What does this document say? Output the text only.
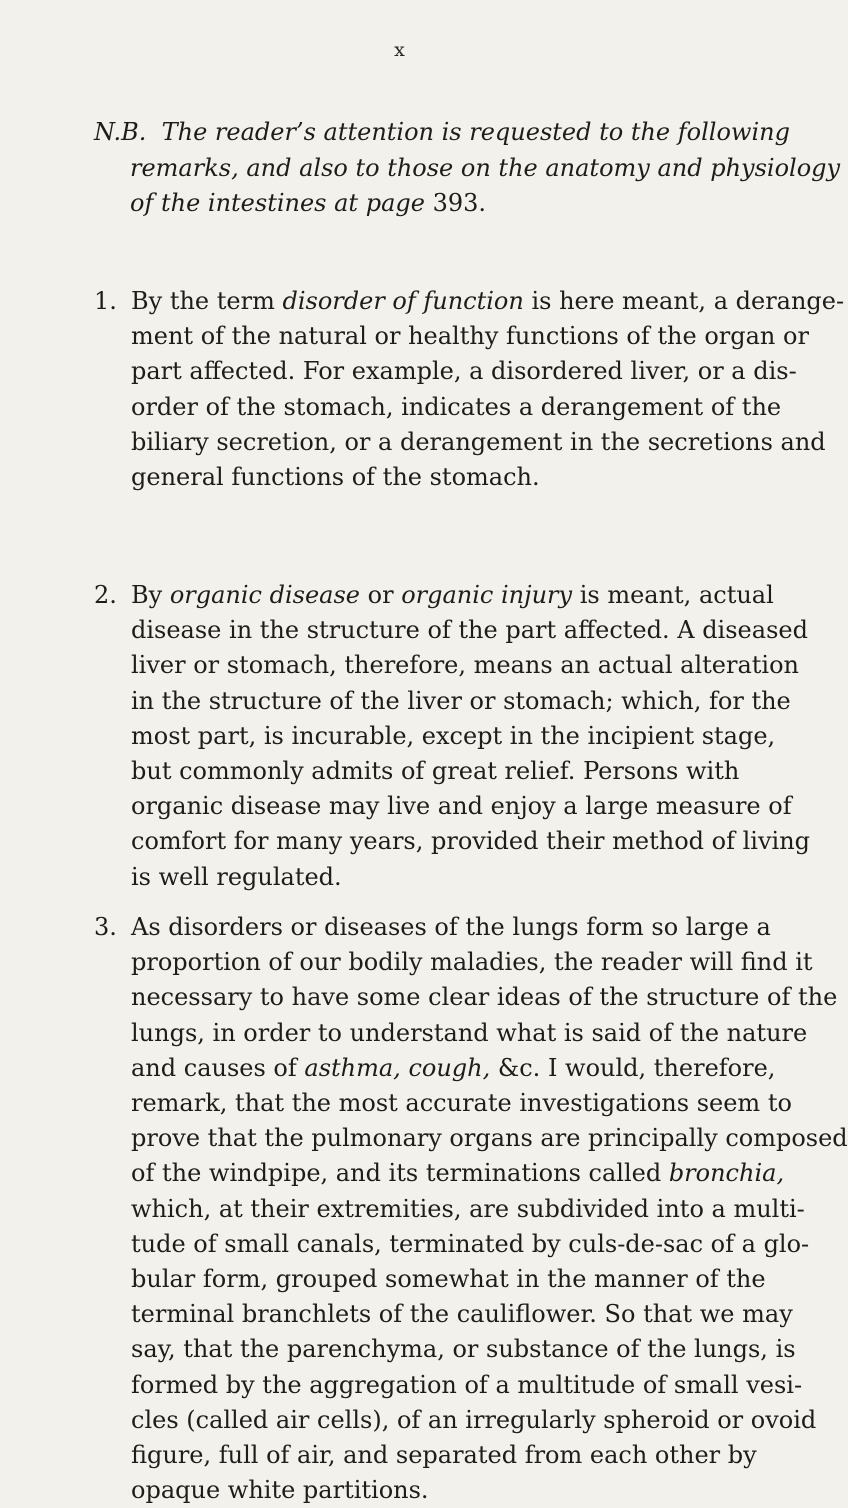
x
N.B. The reader’s attention is requested to the following
remarks, and also to those on the anatomy and physiology
of the intestines at page 393.
1. By the term disorder of function is here meant, a derange-
ment of the natural or healthy functions of the organ or
part affected. For example, a disordered liver, or a dis-
order of the stomach, indicates a derangement of the
biliary secretion, or a derangement in the secretions and
general functions of the stomach.
2. By organic disease or organic injury is meant, actual
disease in the structure of the part affected. A diseased
liver or stomach, therefore, means an actual alteration
in the structure of the liver or stomach; which, for the
most part, is incurable, except in the incipient stage,
but commonly admits of great relief. Persons with
organic disease may live and enjoy a large measure of
comfort for many years, provided their method of living
is well regulated.
3. As disorders or diseases of the lungs form so large a
proportion of our bodily maladies, the reader will find it
necessary to have some clear ideas of the structure of the
lungs, in order to understand what is said of the nature
and causes of asthma, cough, &c. I would, therefore,
remark, that the most accurate investigations seem to
prove that the pulmonary organs are principally composed
of the windpipe, and its terminations called bronchia,
which, at their extremities, are subdivided into a multi-
tude of small canals, terminated by culs-de-sac of a glo-
bular form, grouped somewhat in the manner of the
terminal branchlets of the cauliflower. So that we may
say, that the parenchyma, or substance of the lungs, is
formed by the aggregation of a multitude of small vesi-
cles (called air cells), of an irregularly spheroid or ovoid
figure, full of air, and separated from each other by
opaque white partitions.
